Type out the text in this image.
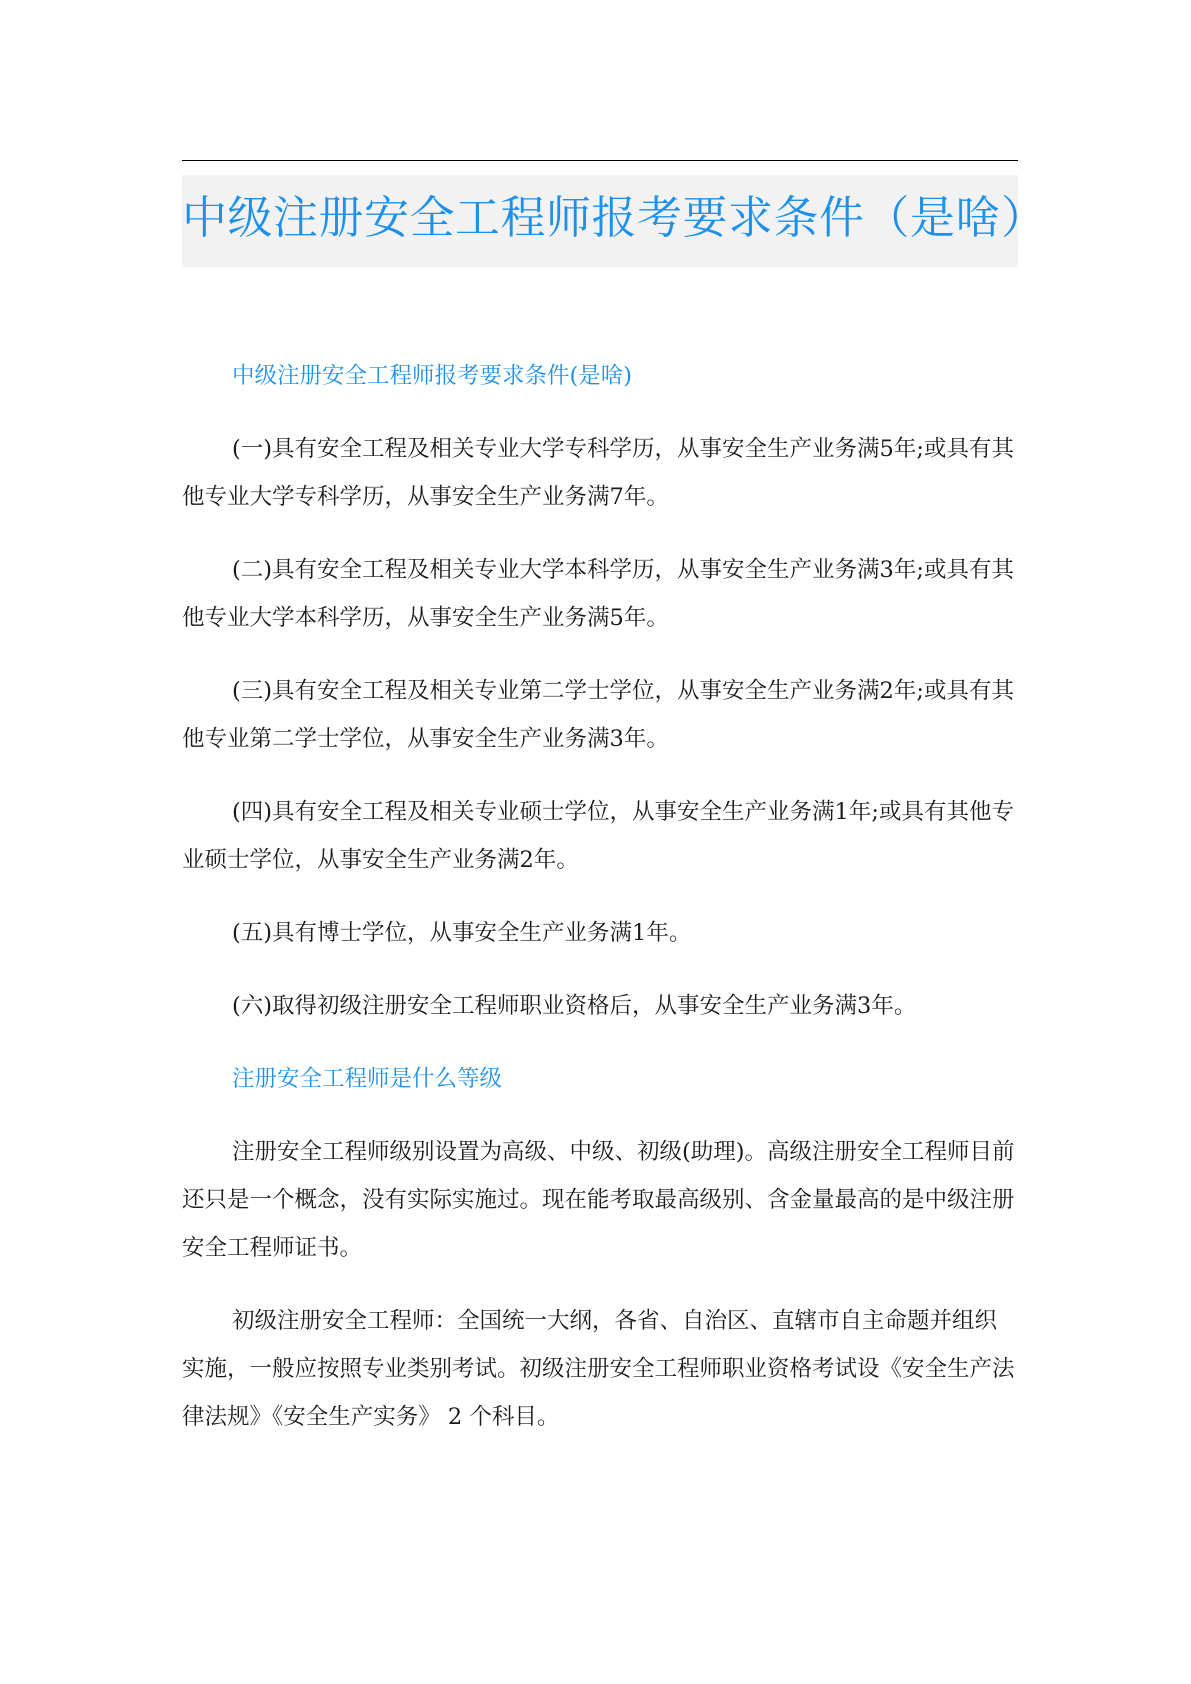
中级注册安全工程师报考要求条件（是啥）

中级注册安全工程师报考要求条件(是啥)

(一)具有安全工程及相关专业大学专科学历，从事安全生产业务满5年;或具有其他专业大学专科学历，从事安全生产业务满7年。

(二)具有安全工程及相关专业大学本科学历，从事安全生产业务满3年;或具有其他专业大学本科学历，从事安全生产业务满5年。

(三)具有安全工程及相关专业第二学士学位，从事安全生产业务满2年;或具有其他专业第二学士学位，从事安全生产业务满3年。

(四)具有安全工程及相关专业硕士学位，从事安全生产业务满1年;或具有其他专业硕士学位，从事安全生产业务满2年。

(五)具有博士学位，从事安全生产业务满1年。

(六)取得初级注册安全工程师职业资格后，从事安全生产业务满3年。

注册安全工程师是什么等级

注册安全工程师级别设置为高级、中级、初级(助理)。高级注册安全工程师目前还只是一个概念，没有实际实施过。现在能考取最高级别、含金量最高的是中级注册安全工程师证书。

初级注册安全工程师：全国统一大纲，各省、自治区、直辖市自主命题并组织实施，一般应按照专业类别考试。初级注册安全工程师职业资格考试设《安全生产法律法规》《安全生产实务》 2 个科目。
